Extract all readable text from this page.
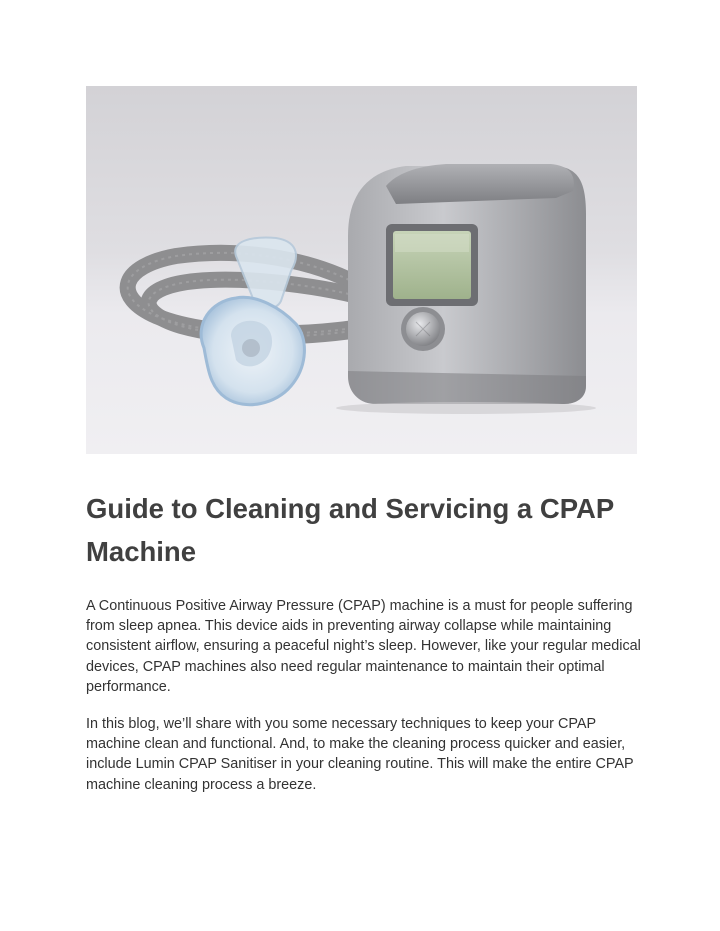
Guide to Cleaning and Servicing a CPAP Machine

A Continuous Positive Airway Pressure (CPAP) machine is a must for people suffering from sleep apnea. This device aids in preventing airway collapse while maintaining consistent airflow, ensuring a peaceful night’s sleep. However, like your regular medical devices, CPAP machines also need regular maintenance to maintain their optimal performance.

In this blog, we’ll share with you some necessary techniques to keep your CPAP machine clean and functional. And, to make the cleaning process quicker and easier, include Lumin CPAP Sanitiser in your cleaning routine. This will make the entire CPAP machine cleaning process a breeze.
